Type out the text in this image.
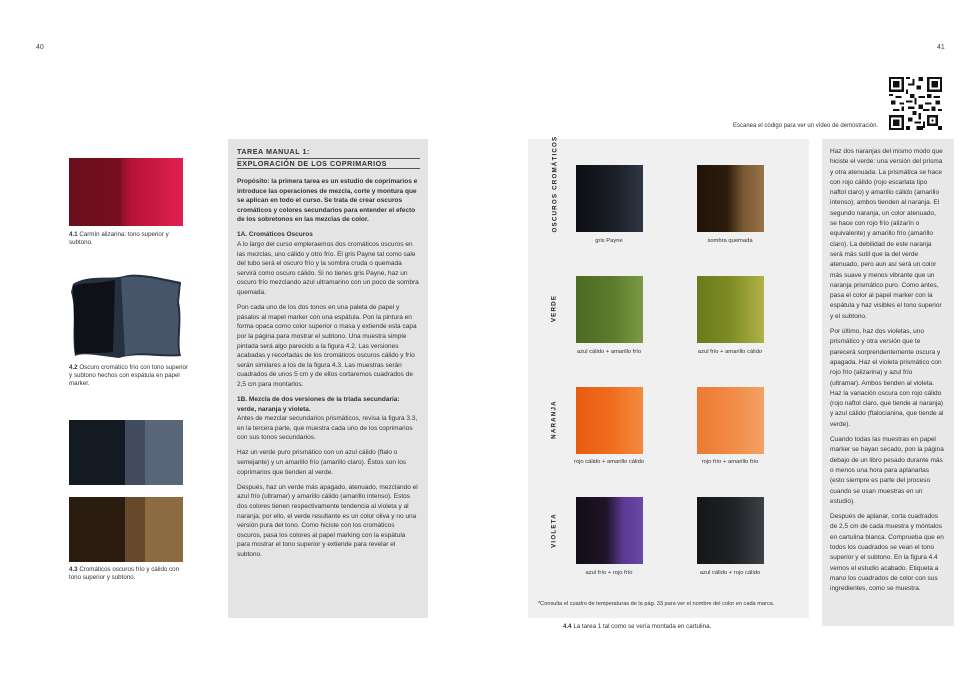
40	41
4.1 Carmín alizarina: tono superior y subtono.
4.2 Oscuro cromático frío con tono superior y subtono hechos con espátula en papel marker.
4.3 Cromáticos oscuros frío y cálido con tono superior y subtono.
TAREA MANUAL 1:
EXPLORACIÓN DE LOS COPRIMARIOS

Propósito: la primera tarea es un estudio de coprimarios e introduce las operaciones de mezcla, corte y montura que se aplican en todo el curso. Se trata de crear oscuros cromáticos y colores secundarios para entender el efecto de los sobretonos en las mezclas de color.

1A. Cromáticos Oscuros

A lo largo del curso empleraemos dos cromáticos oscuros en las mezclas, uno cálido y otro frío. El gris Payne tal como sale del tubo será el oscuro frío y la sombra cruda o quemada servirá como oscuro cálido. Si no tienes gris Payne, haz un oscuro frío mezclando azul ultramarino con un poco de sombra quemada.

Pon cada uno de los dos tonos en una paleta de papel y pásalos al mapel marker con una espátula. Pon la pintura en forma opaca como color superior o masa y extiende esta capa por la página para mostrar el subtono. Una muestra simple pintada será algo parecido a la figura 4.2. Las versiones acabadas y recortadas de los cromáticos oscuros cálido y frío serán similares a los de la figura 4.3. Las muestras serán cuadrados de unos 5 cm y de ellos cortaremos cuadrados de 2,5 cm para montarlos.

1B. Mezcla de dos versiones de la tríada secundaria: verde, naranja y violeta.

Antes de mezclar secundarios prismáticos, revisa la figura 3.3, en la tercera parte, que muestra cada uno de los coprimarios con sus tonos secundarios.

Haz un verde puro prismático con un azul cálido (ftalo o semejante) y un amarillo frío (amarillo claro). Éstos son los coprimarios que tienden al verde.

Después, haz un verde más apagado, atenuado, mezclando el azul frío (ultramar) y amarillo cálido (amarillo intenso). Estos dos colores tienen respectivamente tendencia al violeta y al naranja; por ello, el verde resultante es un color oliva y no una versión pura del tono. Como hiciste con los cromáticos oscuros, pasa los colores al papel marking con la espátula para mostrar el tono superior y extiende para revelar el subtono.

OSCUROS CROMÁTICOS
gris Payne	sombra quemada
VERDE
azul cálido + amarillo frío	azul frío + amarillo cálido
NARANJA
rojo cálido + amarillo cálido	rojo frío + amarillo frío
VIOLETA
azul frío + rojo frío	azul cálido + rojo cálido
*Consulta el cuadro de temperaturas de la pág. 33 para ver el nombre del color en cada marca.
4.4 La tarea 1 tal como se vería montada en cartulina.
Escanea el código para ver un vídeo de demostración.

Haz dos naranjas del mismo modo que hiciste el verde: una versión del prisma y otra atenuada. La prismática se hace con rojo cálido (rojo escarlata tipo naftol claro) y amarillo cálido (amarillo intenso); ambos tienden al naranja. El segundo naranja, un color atenuado, se hace con rojo frío (alizarín o equivalente) y amarillo frío (amarillo claro). La debilidad de este naranja será más sutil que la del verde atenuado, pero aun así será un color más suave y menos vibrante que un naranja prismático puro. Como antes, pasa el color al papel marker con la espátula y haz visibles el tono superior y el subtono.

Por último, haz dos violetas, uno prismático y otra versión que te parecerá sorprendentemente oscura y apagada. Haz el violeta prismático con rojo frío (alizarina) y azul frío (ultramar). Ambos tienden al violeta. Haz la variación oscura con rojo cálido (rojo naftol claro, que tiende al naranja) y azul cálido (ftalocianina, que tiende al verde).

Cuando todas las muestras en papel marker se hayan secado, pon la página debajo de un libro pesado durante más o menos una hora para aplanarlas (esto siempre es parte del proceso cuando se usan muestras en un estudio).

Después de aplanar, corta cuadrados de 2,5 cm de cada muestra y móntalos en cartulina blanca. Comprueba que en todos los cuadrados se vean el tono superior y el subtono. En la figura 4.4 vemos el estudio acabado. Etiqueta a mano los cuadrados de color con sus ingredientes, como se muestra.
